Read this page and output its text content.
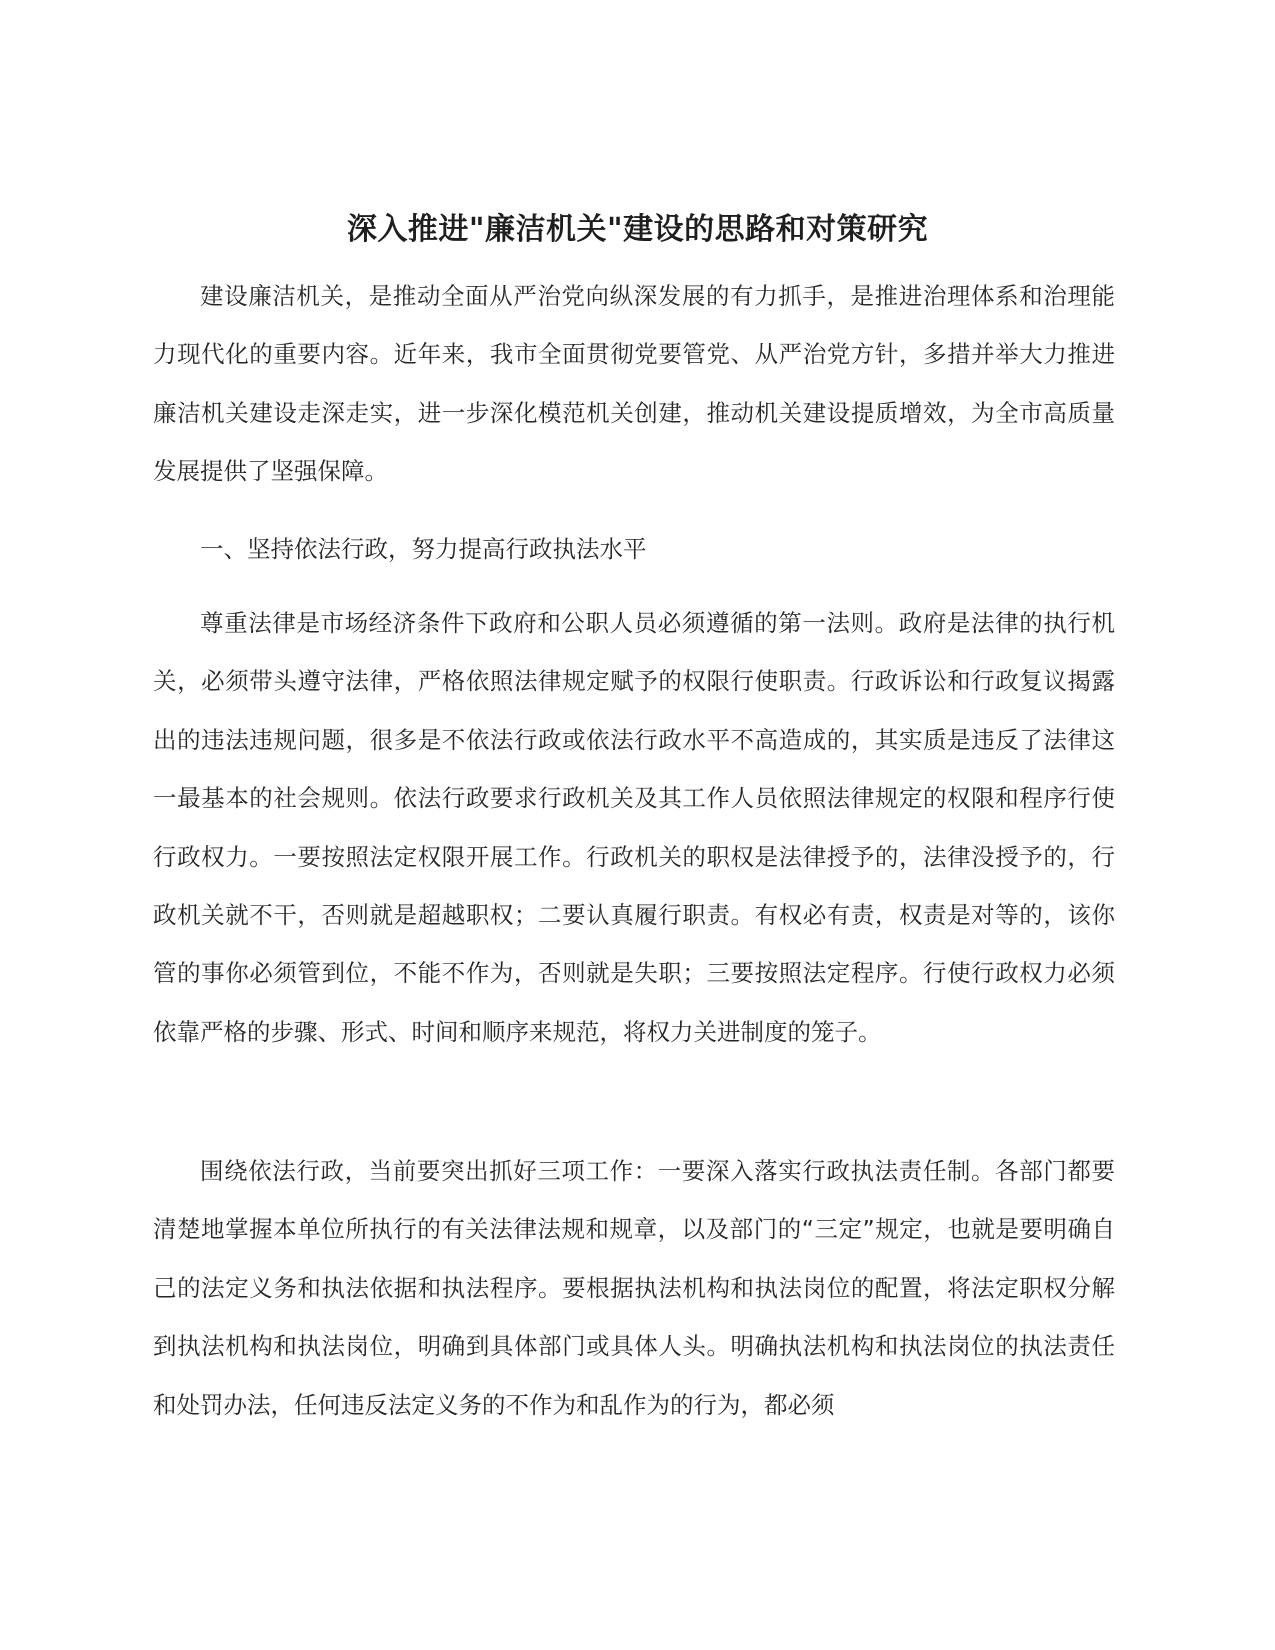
深入推进"廉洁机关"建设的思路和对策研究

建设廉洁机关，是推动全面从严治党向纵深发展的有力抓手，是推进治理体系和治理能力现代化的重要内容。近年来，我市全面贯彻党要管党、从严治党方针，多措并举大力推进廉洁机关建设走深走实，进一步深化模范机关创建，推动机关建设提质增效，为全市高质量发展提供了坚强保障。

一、坚持依法行政，努力提高行政执法水平

尊重法律是市场经济条件下政府和公职人员必须遵循的第一法则。政府是法律的执行机关，必须带头遵守法律，严格依照法律规定赋予的权限行使职责。行政诉讼和行政复议揭露出的违法违规问题，很多是不依法行政或依法行政水平不高造成的，其实质是违反了法律这一最基本的社会规则。依法行政要求行政机关及其工作人员依照法律规定的权限和程序行使行政权力。一要按照法定权限开展工作。行政机关的职权是法律授予的，法律没授予的，行政机关就不干，否则就是超越职权；二要认真履行职责。有权必有责，权责是对等的，该你管的事你必须管到位，不能不作为，否则就是失职；三要按照法定程序。行使行政权力必须依靠严格的步骤、形式、时间和顺序来规范，将权力关进制度的笼子。

围绕依法行政，当前要突出抓好三项工作：一要深入落实行政执法责任制。各部门都要清楚地掌握本单位所执行的有关法律法规和规章，以及部门的“三定”规定，也就是要明确自己的法定义务和执法依据和执法程序。要根据执法机构和执法岗位的配置，将法定职权分解到执法机构和执法岗位，明确到具体部门或具体人头。明确执法机构和执法岗位的执法责任和处罚办法，任何违反法定义务的不作为和乱作为的行为，都必须
